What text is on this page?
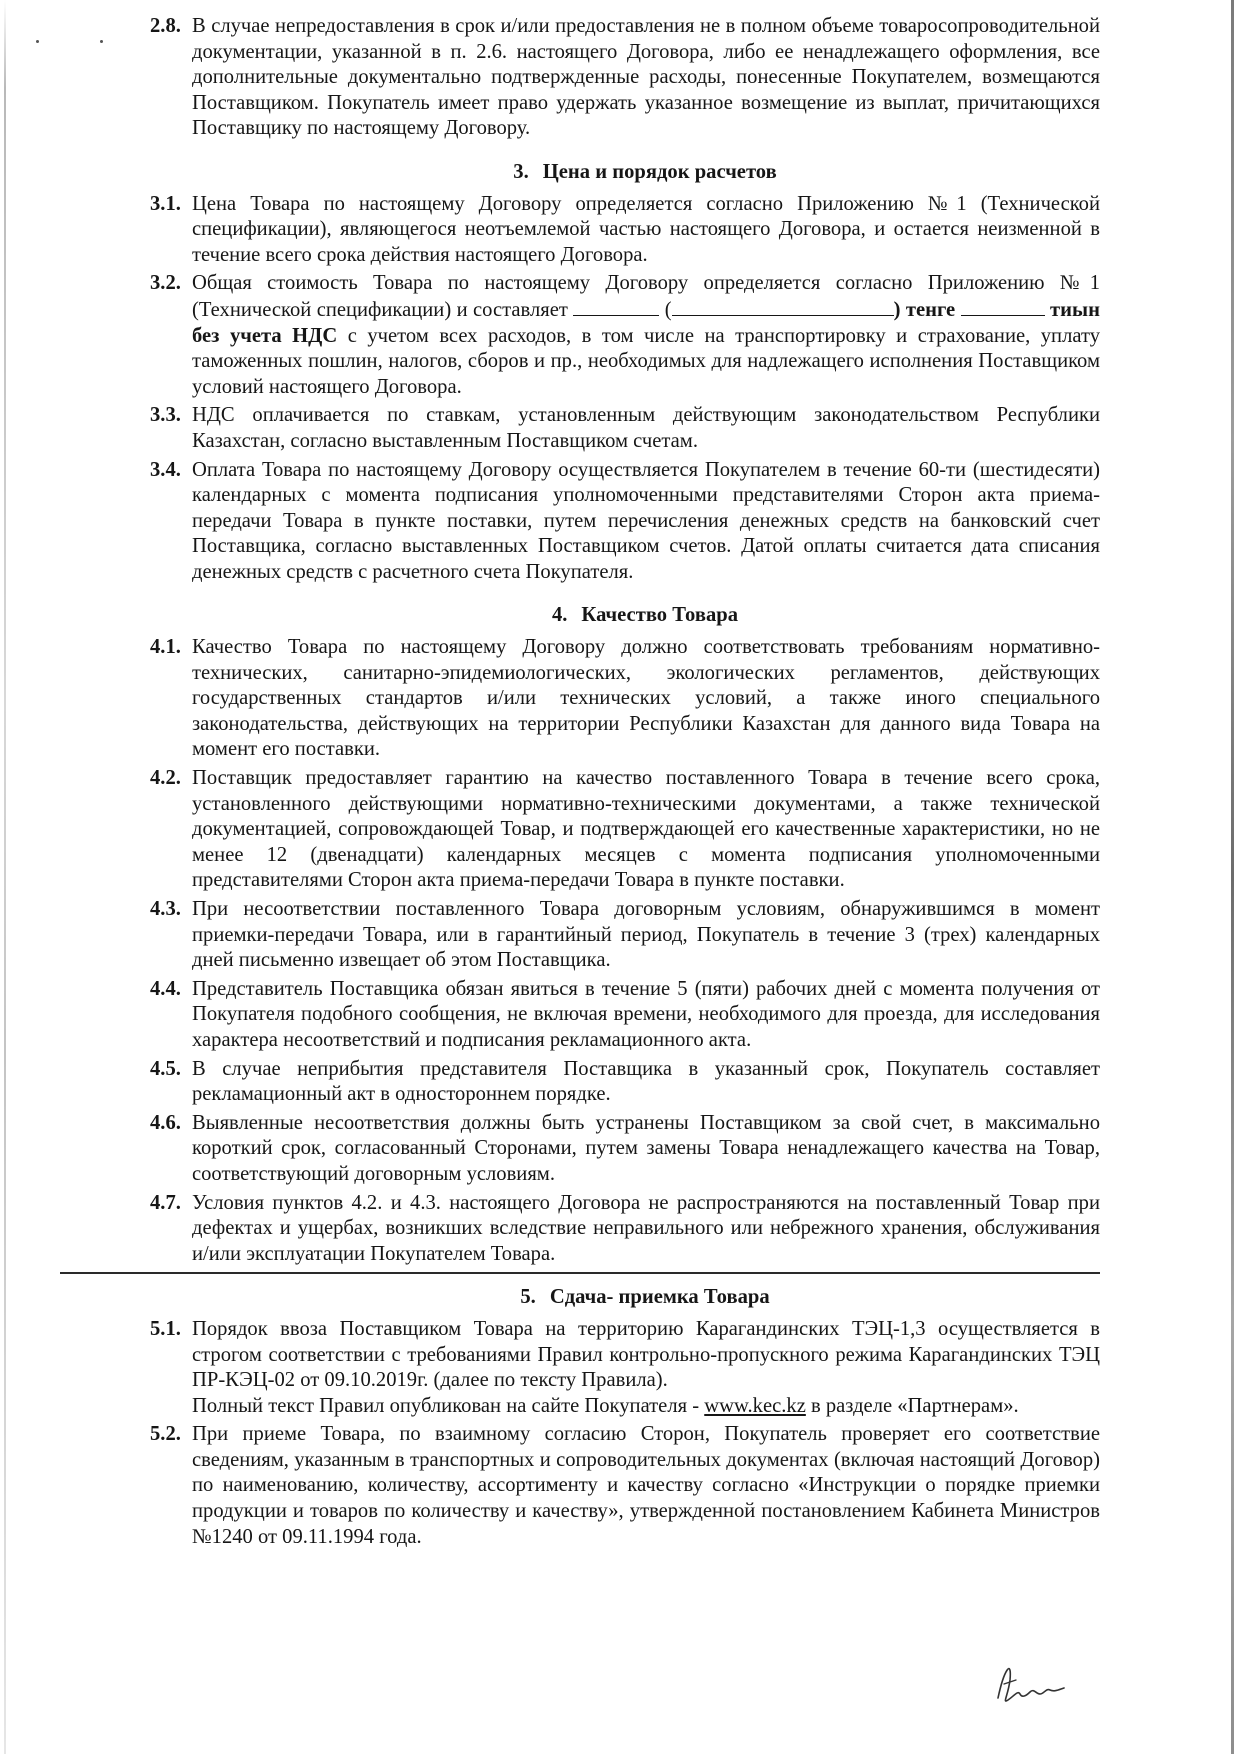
2.8. В случае непредоставления в срок и/или предоставления не в полном объеме товаросопроводительной документации, указанной в п. 2.6. настоящего Договора, либо ее ненадлежащего оформления, все дополнительные документально подтвержденные расходы, понесенные Покупателем, возмещаются Поставщиком. Покупатель имеет право удержать указанное возмещение из выплат, причитающихся Поставщику по настоящему Договору.
3. Цена и порядок расчетов
3.1. Цена Товара по настоящему Договору определяется согласно Приложению №1 (Технической спецификации), являющегося неотъемлемой частью настоящего Договора, и остается неизменной в течение всего срока действия настоящего Договора.
3.2. Общая стоимость Товара по настоящему Договору определяется согласно Приложению №1 (Технической спецификации) и составляет	(	) тенге	тиын без учета НДС с учетом всех расходов, в том числе на транспортировку и страхование, уплату таможенных пошлин, налогов, сборов и пр., необходимых для надлежащего исполнения Поставщиком условий настоящего Договора.
3.3. НДС оплачивается по ставкам, установленным действующим законодательством Республики Казахстан, согласно выставленным Поставщиком счетам.
3.4. Оплата Товара по настоящему Договору осуществляется Покупателем в течение 60-ти (шестидесяти) календарных с момента подписания уполномоченными представителями Сторон акта приема-передачи Товара в пункте поставки, путем перечисления денежных средств на банковский счет Поставщика, согласно выставленных Поставщиком счетов. Датой оплаты считается дата списания денежных средств с расчетного счета Покупателя.
4. Качество Товара
4.1. Качество Товара по настоящему Договору должно соответствовать требованиям нормативно-технических, санитарно-эпидемиологических, экологических регламентов, действующих государственных стандартов и/или технических условий, а также иного специального законодательства, действующих на территории Республики Казахстан для данного вида Товара на момент его поставки.
4.2. Поставщик предоставляет гарантию на качество поставленного Товара в течение всего срока, установленного действующими нормативно-техническими документами, а также технической документацией, сопровождающей Товар, и подтверждающей его качественные характеристики, но не менее 12 (двенадцати) календарных месяцев с момента подписания уполномоченными представителями Сторон акта приема-передачи Товара в пункте поставки.
4.3. При несоответствии поставленного Товара договорным условиям, обнаружившимся в момент приемки-передачи Товара, или в гарантийный период, Покупатель в течение 3 (трех) календарных дней письменно извещает об этом Поставщика.
4.4. Представитель Поставщика обязан явиться в течение 5 (пяти) рабочих дней с момента получения от Покупателя подобного сообщения, не включая времени, необходимого для проезда, для исследования характера несоответствий и подписания рекламационного акта.
4.5. В случае неприбытия представителя Поставщика в указанный срок, Покупатель составляет рекламационный акт в одностороннем порядке.
4.6. Выявленные несоответствия должны быть устранены Поставщиком за свой счет, в максимально короткий срок, согласованный Сторонами, путем замены Товара ненадлежащего качества на Товар, соответствующий договорным условиям.
4.7. Условия пунктов 4.2. и 4.3. настоящего Договора не распространяются на поставленный Товар при дефектах и ущербах, возникших вследствие неправильного или небрежного хранения, обслуживания и/или эксплуатации Покупателем Товара.
5. Сдача- приемка Товара
5.1. Порядок ввоза Поставщиком Товара на территорию Карагандинских ТЭЦ-1,3 осуществляется в строгом соответствии с требованиями Правил контрольно-пропускного режима Карагандинских ТЭЦ ПР-КЭЦ-02 от 09.10.2019г. (далее по тексту Правила).
Полный текст Правил опубликован на сайте Покупателя - www.kec.kz в разделе «Партнерам».
5.2. При приеме Товара, по взаимному согласию Сторон, Покупатель проверяет его соответствие сведениям, указанным в транспортных и сопроводительных документах (включая настоящий Договор) по наименованию, количеству, ассортименту и качеству согласно «Инструкции о порядке приемки продукции и товаров по количеству и качеству», утвержденной постановлением Кабинета Министров №1240 от 09.11.1994 года.
